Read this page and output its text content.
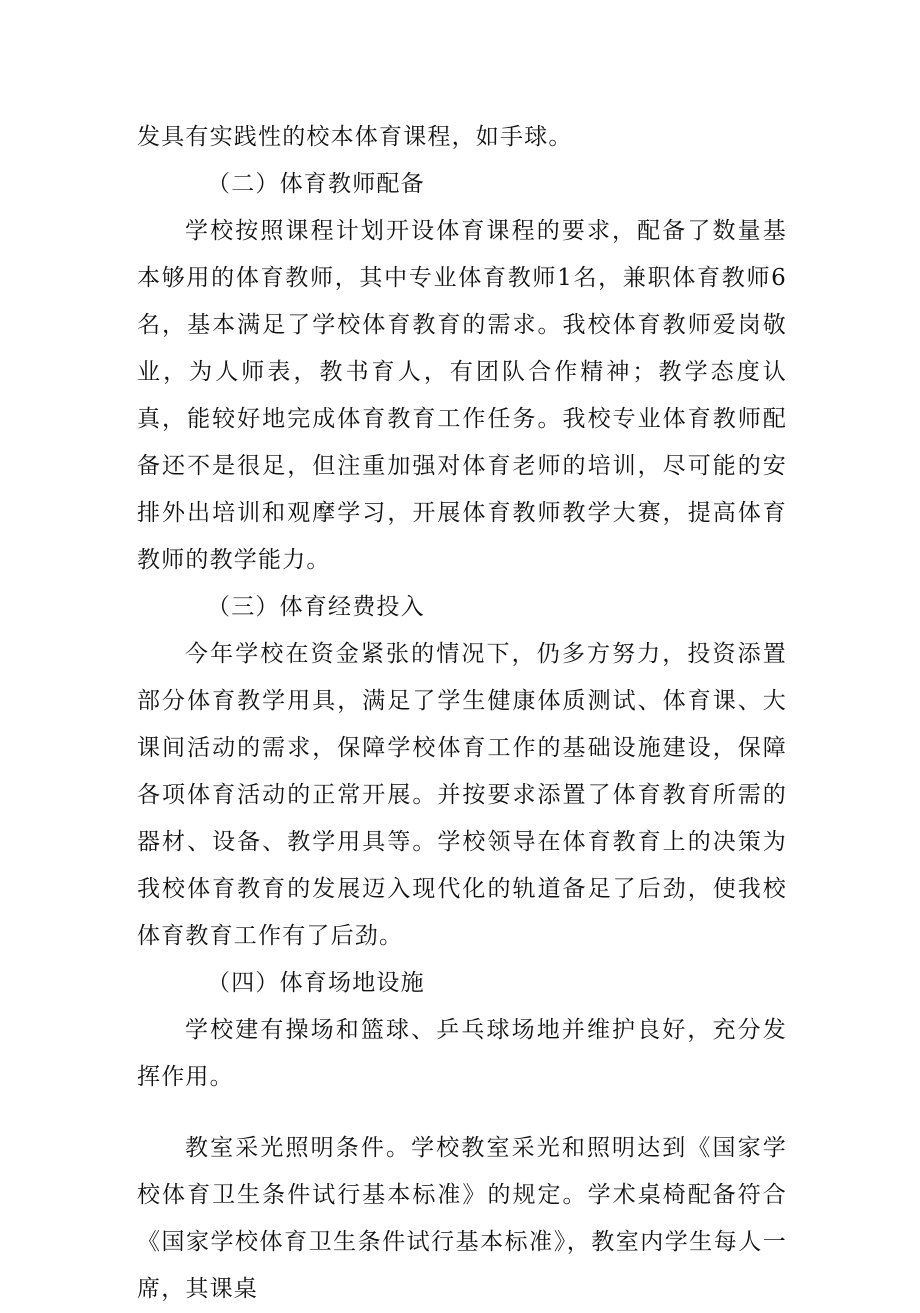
发具有实践性的校本体育课程，如手球。

（二）体育教师配备

学校按照课程计划开设体育课程的要求，配备了数量基本够用的体育教师，其中专业体育教师1名，兼职体育教师6名，基本满足了学校体育教育的需求。我校体育教师爱岗敬业，为人师表，教书育人，有团队合作精神；教学态度认真，能较好地完成体育教育工作任务。我校专业体育教师配备还不是很足，但注重加强对体育老师的培训，尽可能的安排外出培训和观摩学习，开展体育教师教学大赛，提高体育教师的教学能力。

（三）体育经费投入

今年学校在资金紧张的情况下，仍多方努力，投资添置部分体育教学用具，满足了学生健康体质测试、体育课、大课间活动的需求，保障学校体育工作的基础设施建设，保障各项体育活动的正常开展。并按要求添置了体育教育所需的器材、设备、教学用具等。学校领导在体育教育上的决策为我校体育教育的发展迈入现代化的轨道备足了后劲，使我校体育教育工作有了后劲。

（四）体育场地设施

学校建有操场和篮球、乒乓球场地并维护良好，充分发挥作用。

教室采光照明条件。学校教室采光和照明达到《国家学校体育卫生条件试行基本标准》的规定。学术桌椅配备符合《国家学校体育卫生条件试行基本标准》，教室内学生每人一席，其课桌
